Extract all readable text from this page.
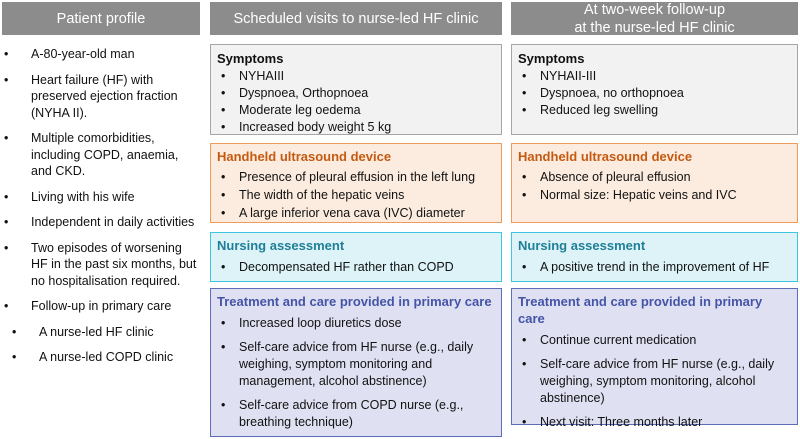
Patient profile	Scheduled visits to nurse-led HF clinic
At two-week follow-up
at the nurse-led HF clinic
• A-80-year-old man
• Heart failure (HF) with preserved ejection fraction (NYHA II).
• Multiple comorbidities, including COPD, anaemia, and CKD.
• Living with his wife
• Independent in daily activities
• Two episodes of worsening HF in the past six months, but no hospitalisation required.
• Follow-up in primary care
• A nurse-led HF clinic
• A nurse-led COPD clinic
Symptoms
• NYHAIII
• Dyspnoea, Orthopnoea
• Moderate leg oedema
• Increased body weight 5 kg
Handheld ultrasound device
• Presence of pleural effusion in the left lung
• The width of the hepatic veins
• A large inferior vena cava (IVC) diameter
Nursing assessment
• Decompensated HF rather than COPD
Treatment and care provided in primary care
• Increased loop diuretics dose
• Self-care advice from HF nurse (e.g., daily weighing, symptom monitoring and management, alcohol abstinence)
• Self-care advice from COPD nurse (e.g., breathing technique)
Symptoms
• NYHAII-III
• Dyspnoea, no orthopnoea
• Reduced leg swelling
Handheld ultrasound device
• Absence of pleural effusion
• Normal size: Hepatic veins and IVC
Nursing assessment
• A positive trend in the improvement of HF
Treatment and care provided in primary care
• Continue current medication
• Self-care advice from HF nurse (e.g., daily weighing, symptom monitoring, alcohol abstinence)
• Next visit: Three months later
